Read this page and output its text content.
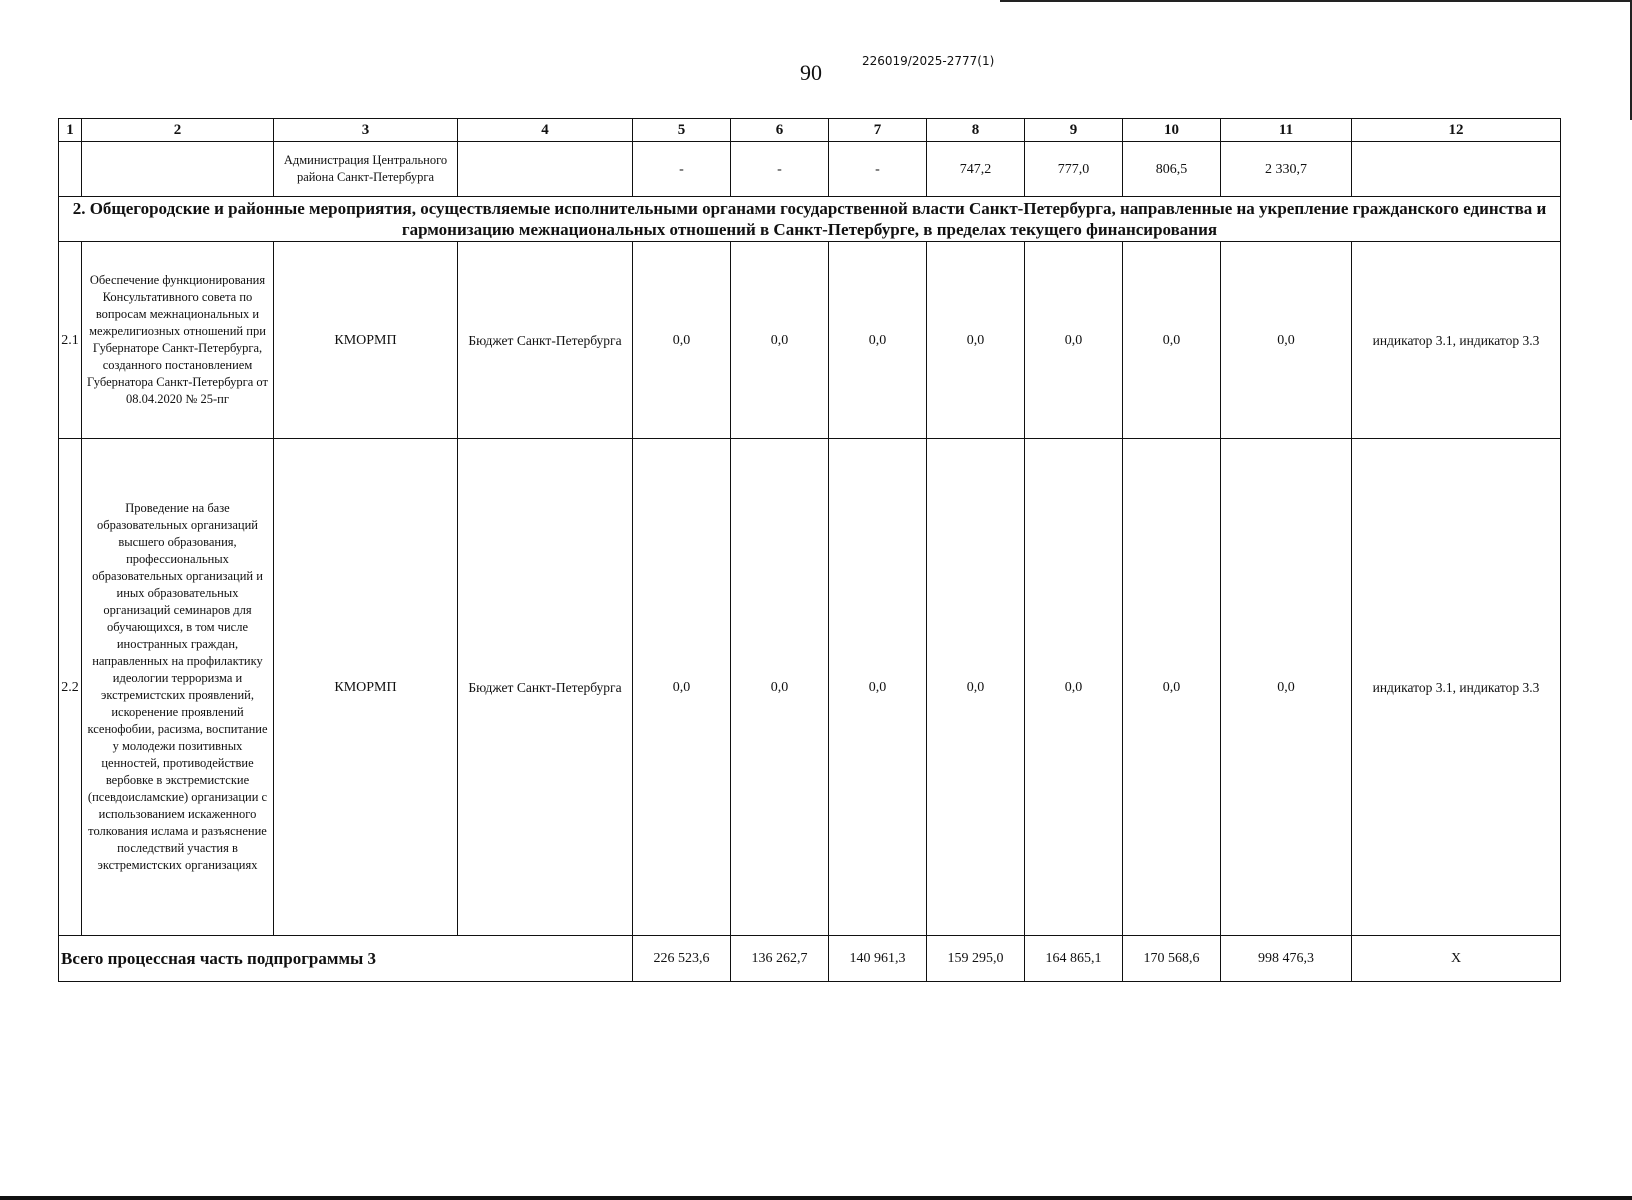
90	226019/2025-2777(1)
1	2	3	4	5	6	7	8	9	10	11	12
		Администрация Центрального района Санкт-Петербурга		-	-	-	747,2	777,0	806,5	2 330,7	
2. Общегородские и районные мероприятия, осуществляемые исполнительными органами государственной власти Санкт-Петербурга, направленные на укрепление гражданского единства и гармонизацию межнациональных отношений в Санкт-Петербурге, в пределах текущего финансирования											
2.1	Обеспечение функционирования Консультативного совета по вопросам межнациональных и межрелигиозных отношений при Губернаторе Санкт-Петербурга, созданного постановлением Губернатора Санкт-Петербурга от 08.04.2020 № 25-пг	КМОРМП	Бюджет Санкт-Петербурга	0,0	0,0	0,0	0,0	0,0	0,0	0,0	индикатор 3.1, индикатор 3.3
2.2	Проведение на базе образовательных организаций высшего образования, профессиональных образовательных организаций и иных образовательных организаций семинаров для обучающихся, в том числе иностранных граждан, направленных на профилактику идеологии терроризма и экстремистских проявлений, искоренение проявлений ксенофобии, расизма, воспитание у молодежи позитивных ценностей, противодействие вербовке в экстремистские (псевдоисламские) организации с использованием искаженного толкования ислама и разъяснение последствий участия в экстремистских организациях	КМОРМП	Бюджет Санкт-Петербурга	0,0	0,0	0,0	0,0	0,0	0,0	0,0	индикатор 3.1, индикатор 3.3
Всего процессная часть подпрограммы 3				226 523,6	136 262,7	140 961,3	159 295,0	164 865,1	170 568,6	998 476,3	X
